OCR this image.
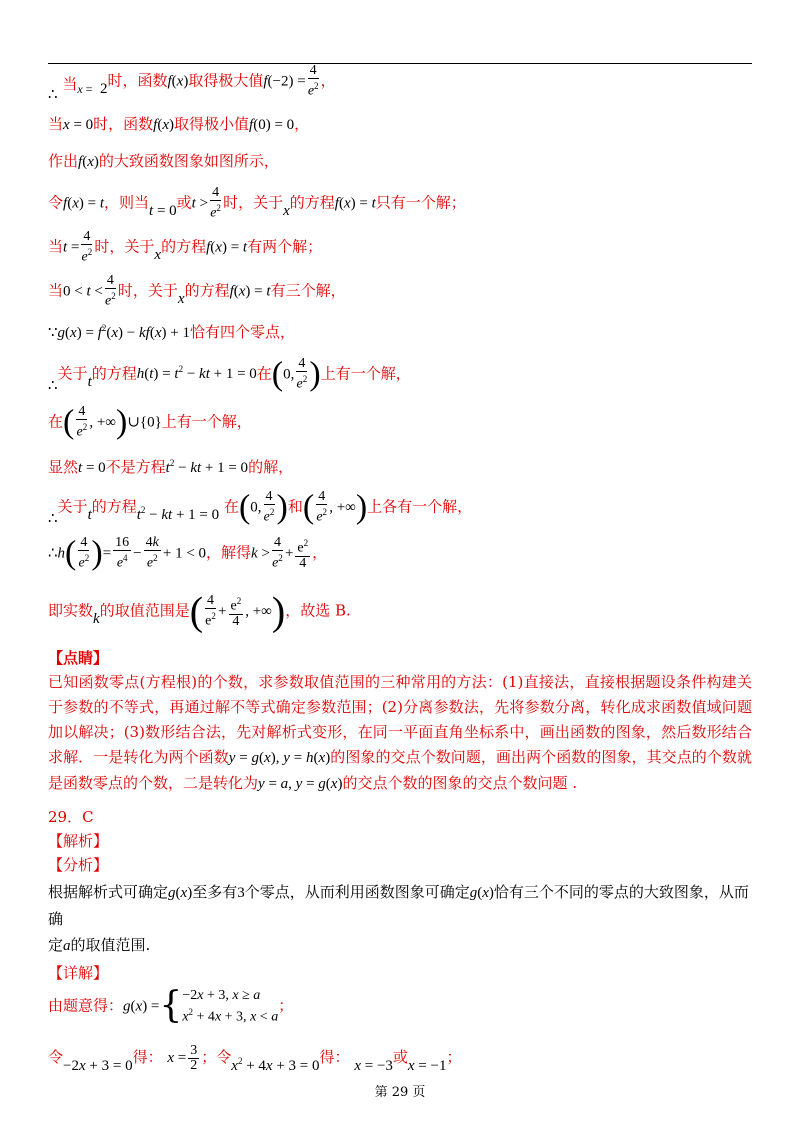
∴ 当$_{x =}$  2时，函数f(x)取得极大值$f(-2) = \frac{4}{e^2}$ ，
当x = 0时，函数f(x)取得极小值f(0) = 0，
作出f(x)的大致函数图象如图所示，
令f(x) = t，则当t = 0或$t > \frac{4}{e^2}$ 时，关于x的方程f(x) = t只有一个解；
当$t = \frac{4}{e^2}$ 时，关于x的方程f(x) = t有两个解；
当$0 < t < \frac{4}{e^2}$ 时，关于x的方程f(x) = t有三个解，
∵g(x) = $f^2(x) - kf(x) + 1$恰有四个零点，
∴关于t的方程$h(t) = t^2$ − kt + 1 = 0在(0, $\frac{4}{e^2}$ )上有一个解，
在( $\frac{4}{e^2}$ , +∞)∪{0}上有一个解，
显然t = 0不是方程$t^2$ − kt + 1 = 0的解，
∴关于t的方程$t^2$ − kt + 1 = 0 在(0, $\frac{4}{e^2}$ )和( $\frac{4}{e^2}$ , +∞)上各有一个解，
∴h( $\frac{4}{e^2}$ )= $\frac{16}{e^4} - \frac{4k}{e^2} + 1 < 0$，解得$k > \frac{4}{e^2} + \frac{e^2}{4}$ ，
即实数k的取值范围是( $\frac{4}{e^2} + \frac{e^2}{4}$ , +∞)，故选 B.
【点睛】
已知函数零点(方程根)的个数，求参数取值范围的三种常用的方法：(1)直接法，直接根据题设条件构建关于参数的不等式，再通过解不等式确定参数范围；(2)分离参数法，先将参数分离，转化成求函数值域问题加以解决；(3)数形结合法，先对解析式变形，在同一平面直角坐标系中，画出函数的图象，然后数形结合求解．一是转化为两个函数y = g(x), y = h(x)的图象的交点个数问题，画出两个函数的图象，其交点的个数就是函数零点的个数，二是转化为y = a, y = g(x)的交点个数的图象的交点个数问题 .
29．C
【解析】
【分析】
根据解析式可确定g(x)至多有3个零点，从而利用函数图象可确定g(x)恰有三个不同的零点的大致图象，从而确
定a的取值范围.
【详解】
由题意得：g(x) ={ −2x + 3, x ≥ a
$x^2 + 4x + 3$, x < a
；
令−2x + 3 = 0得： $x = \frac{3}{2}$ ；令$x^2 + 4x + 3 = 0$得： x = −3或x = −1；
第 29 页
